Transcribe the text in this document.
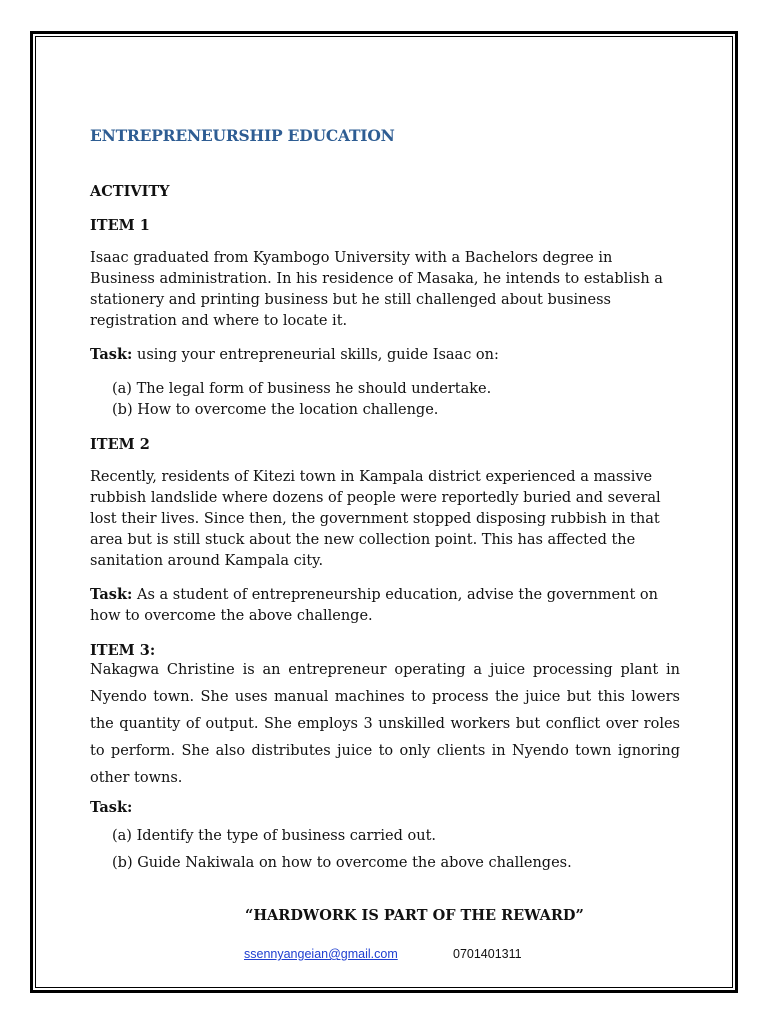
ENTREPRENEURSHIP EDUCATION
ACTIVITY
ITEM 1
Isaac graduated from Kyambogo University with a Bachelors degree in
Business administration. In his residence of Masaka, he intends to establish a
stationery and printing business but he still challenged about business
registration and where to locate it.
Task: using your entrepreneurial skills, guide Isaac on:
(a) The legal form of business he should undertake.
(b) How to overcome the location challenge.
ITEM 2
Recently, residents of Kitezi town in Kampala district experienced a massive
rubbish landslide where dozens of people were reportedly buried and several
lost their lives. Since then, the government stopped disposing rubbish in that
area but is still stuck about the new collection point. This has affected the
sanitation around Kampala city.
Task: As a student of entrepreneurship education, advise the government on
how to overcome the above challenge.
ITEM 3:
Nakagwa Christine is an entrepreneur operating a juice processing plant in Nyendo town. She uses manual machines to process the juice but this lowers the quantity of output. She employs 3 unskilled workers but conflict over roles to perform. She also distributes juice to only clients in Nyendo town ignoring other towns.
Task:
(a) Identify the type of business carried out.
(b) Guide Nakiwala on how to overcome the above challenges.
“HARDWORK IS PART OF THE REWARD”
ssennyangeian@gmail.com	0701401311
